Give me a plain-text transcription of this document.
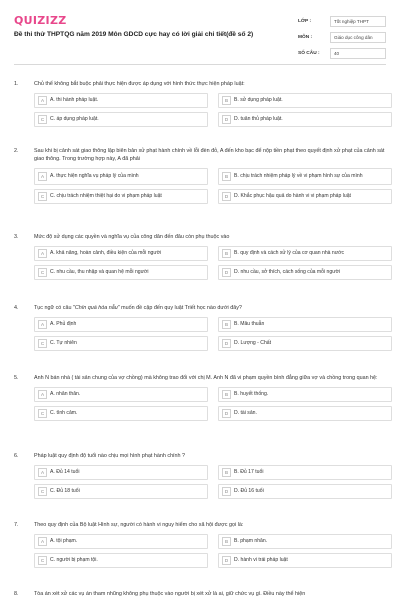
QUIZIZZ
Đề thi thử THPTQG năm 2019 Môn GDCD cực hay có lời giải chi tiết(đề số 2)
LỚP :	Tốt nghiệp THPT
MÔN :	Giáo dục công dân
SỐ CÂU :	40
1.	Chủ thể không bắt buộc phải thực hiện được áp dụng với hình thức thực hiện pháp luật:
A	A. thi hành pháp luật.	B	B. sử dụng pháp luật.
C	C. áp dụng pháp luật.	D	D. tuân thủ pháp luật.
2.	Sau khi bị cảnh sát giao thông lập biên bản xử phạt hành chính về lỗi đèn đỏ, A đến kho bạc để nộp tiền phạt theo quyết định xử phạt của cảnh sát giao thông. Trong trường hợp này, A đã phải
A	A. thực hiện nghĩa vụ pháp lý của mình	B	B. chịu trách nhiệm pháp lý về vi phạm hình sự của mình
C	C. chịu trách nhiệm thiệt hại do vi phạm pháp luật	D	D. Khắc phục hậu quả do hành vi vi phạm pháp luật
3.	Mức độ sử dụng các quyền và nghĩa vụ của công dân đến đâu còn phụ thuộc vào
A	A. khả năng, hoàn cảnh, điều kiện của mỗi người	B	B. quy định và cách xử lý của cơ quan nhà nước
C	C. nhu cầu, thu nhập và quan hệ mỗi người	D	D. nhu cầu, sở thích, cách sống của mỗi người
4.	Tục ngữ có câu "Chín quá hóa nẫu" muốn đề cập đến quy luật Triết học nào dưới đây?
A	A. Phủ định	B	B. Mâu thuẫn
C	C. Tự nhiên	D	D. Lượng - Chất
5.	Anh N bán nhà ( tài sản chung của vợ chồng) mà không trao đổi với chị M. Anh N đã vi phạm quyền bình đẳng giữa vợ và chồng trong quan hệ:
A	A. nhân thân.	B	B. huyết thống.
C	C. tình cảm.	D	D. tài sản.
6.	Pháp luật quy định độ tuổi nào chịu mọi hình phạt hành chính ?
A	A. Đủ 14 tuổi	B	B. Đủ 17 tuổi
C	C. Đủ 18 tuổi	D	D. Đủ 16 tuổi
7.	Theo quy định của Bộ luật Hình sự, người có hành vi nguy hiểm cho xã hội được gọi là:
A	A. tội phạm.	B	B. phạm nhân.
C	C. người bị phạm tội.	D	D. hành vi trái pháp luật
8.	Tòa án xét xử các vụ án tham nhũng không phụ thuộc vào người bị xét xử là ai, giữ chức vụ gì. Điều này thể hiện
